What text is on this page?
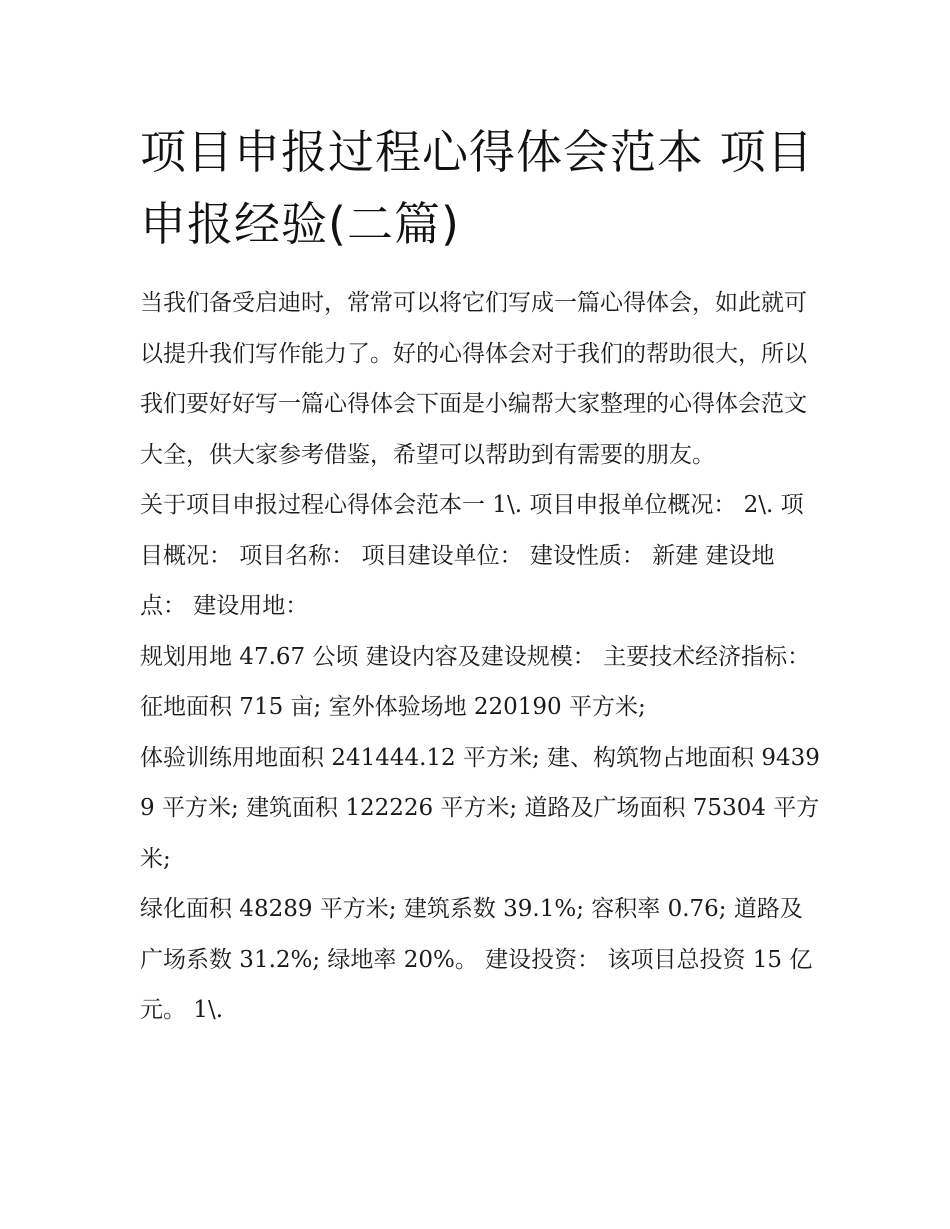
项目申报过程心得体会范本 项目申报经验(二篇)

当我们备受启迪时，常常可以将它们写成一篇心得体会，如此就可以提升我们写作能力了。好的心得体会对于我们的帮助很大，所以我们要好好写一篇心得体会下面是小编帮大家整理的心得体会范文大全，供大家参考借鉴，希望可以帮助到有需要的朋友。

关于项目申报过程心得体会范本一 1\. 项目申报单位概况： 2\. 项目概况： 项目名称： 项目建设单位： 建设性质： 新建 建设地点： 建设用地：

规划用地 47.67 公顷 建设内容及建设规模： 主要技术经济指标： 征地面积 715 亩; 室外体验场地 220190 平方米;

体验训练用地面积 241444.12 平方米; 建、构筑物占地面积 94399 平方米; 建筑面积 122226 平方米; 道路及广场面积 75304 平方米;

绿化面积 48289 平方米; 建筑系数 39.1%; 容积率 0.76; 道路及广场系数 31.2%; 绿地率 20%。 建设投资： 该项目总投资 15 亿元。 1\.
